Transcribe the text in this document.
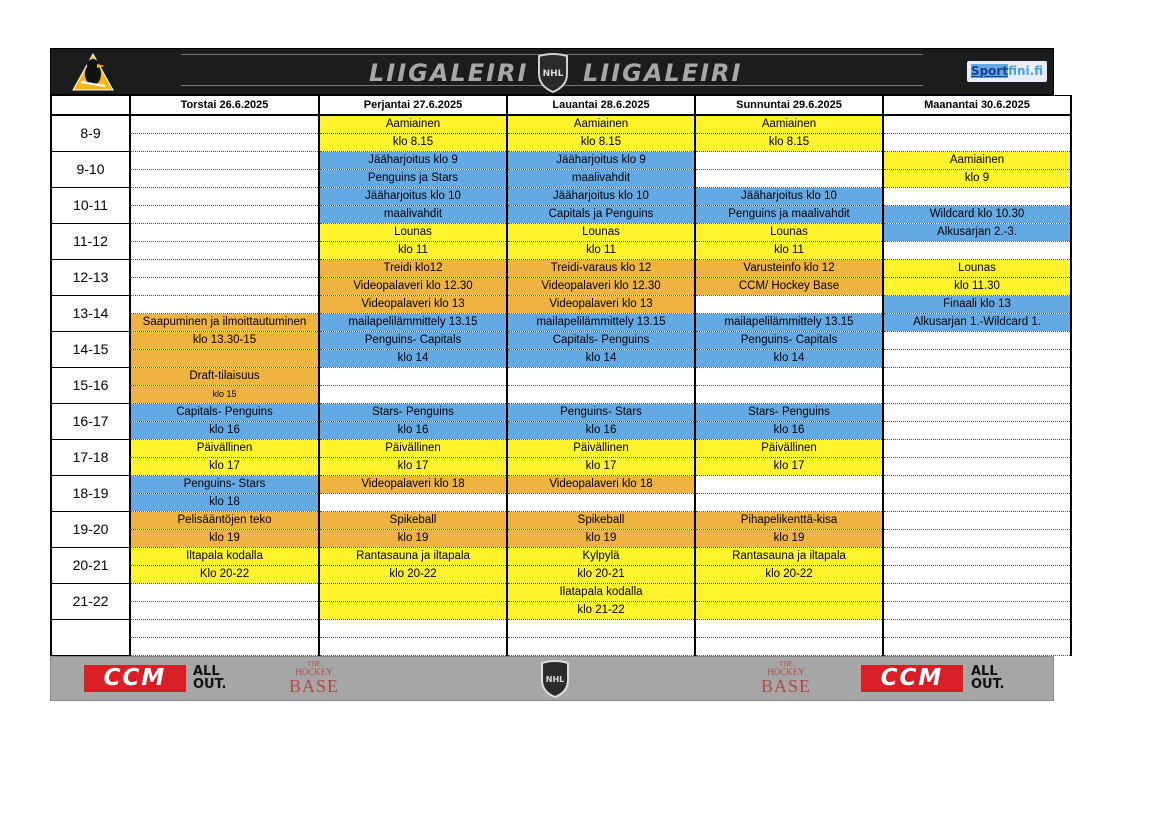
LIIGALEIRI NHL LIIGALEIRI	Sportfini.fi
	Torstai 26.6.2025	Perjantai 27.6.2025	Lauantai 28.6.2025	Sunnuntai 29.6.2025	Maanantai 30.6.2025
8-9		Aamiainen	Aamiainen	Aamiainen	
		klo 8.15	klo 8.15	klo 8.15	
9-10		Jääharjoitus klo 9	Jääharjoitus klo 9		Aamiainen
		Penguins ja Stars	maalivahdit		klo 9
10-11		Jääharjoitus klo 10	Jääharjoitus klo 10	Jääharjoitus klo 10	
		maalivahdit	Capitals ja Penguins	Penguins ja maalivahdit	Wildcard klo 10.30
11-12		Lounas	Lounas	Lounas	Alkusarjan 2.-3.
		klo 11	klo 11	klo 11	
12-13		Treidi klo12	Treidi-varaus klo 12	Varusteinfo klo 12	Lounas
		Videopalaveri klo 12.30	Videopalaveri klo 12.30	CCM/ Hockey Base	klo 11.30
13-14		Videopalaveri klo 13	Videopalaveri klo 13		Finaali klo 13
	Saapuminen ja ilmoittautuminen	mailapelilämmittely 13.15	mailapelilämmittely 13.15	mailapelilämmittely 13.15	Alkusarjan 1.-Wildcard 1.
14-15	klo 13.30-15	Penguins- Capitals	Capitals- Penguins	Penguins- Capitals	
		klo 14	klo 14	klo 14	
15-16	Draft-tilaisuus				
	klo 15				
16-17	Capitals- Penguins	Stars- Penguins	Penguins- Stars	Stars- Penguins	
	klo 16	klo 16	klo 16	klo 16	
17-18	Päivällinen	Päivällinen	Päivällinen	Päivällinen	
	klo 17	klo 17	klo 17	klo 17	
18-19	Penguins- Stars	Videopalaveri klo 18	Videopalaveri klo 18		
	klo 18				
19-20	Pelisääntöjen teko	Spikeball	Spikeball	Pihapelikenttä-kisa	
	klo 19	klo 19	klo 19	klo 19	
20-21	Iltapala kodalla	Rantasauna ja iltapala	Kylpylä	Rantasauna ja iltapala	
	Klo 20-22	klo 20-22	klo 20-21	klo 20-22	
21-22			Ilatapala kodalla		
			klo 21-22		

CCM	ALL
OUT.
THE
HOCKEY
BASE	NHL
THE
HOCKEY
BASE	CCM	ALL
OUT.
